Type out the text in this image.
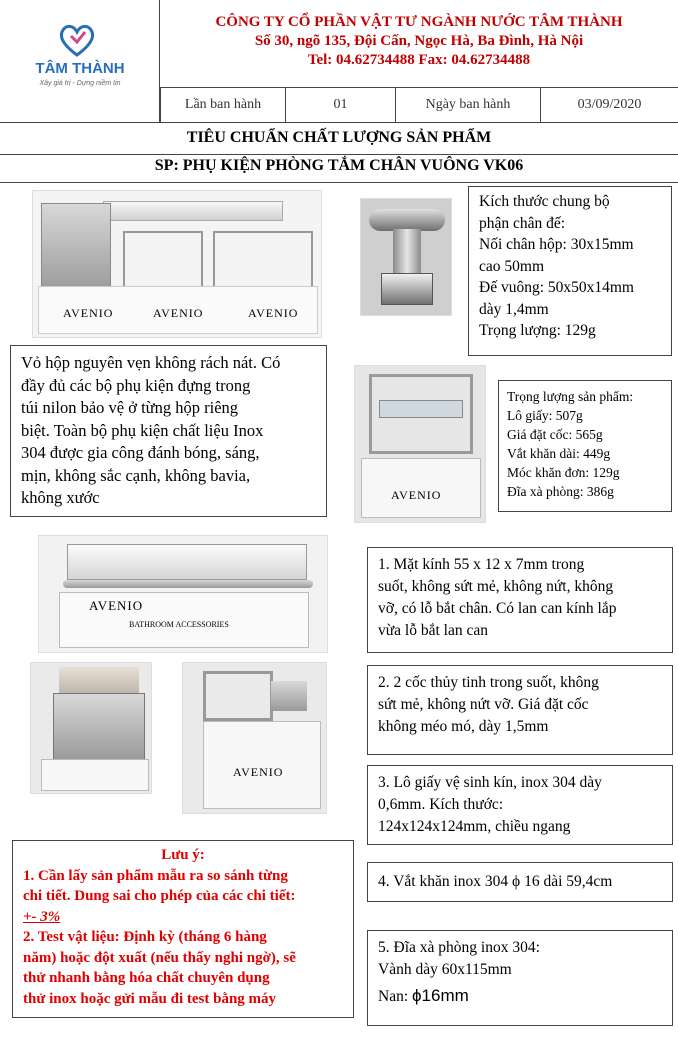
TÂM THÀNH
Xây giá trị - Dựng niềm tin
CÔNG TY CỔ PHẦN VẬT TƯ NGÀNH NƯỚC TÂM THÀNH
Số 30, ngõ 135, Đội Cấn, Ngọc Hà, Ba Đình, Hà Nội
Tel: 04.62734488 Fax: 04.62734488
Lần ban hành	01	Ngày ban hành	03/09/2020
TIÊU CHUẨN CHẤT LƯỢNG SẢN PHẨM
SP: PHỤ KIỆN PHÒNG TẮM CHÂN VUÔNG VK06
AVENIO	AVENIO	AVENIO
Kích thước chung bộ
phận chân đế:
Nối chân hộp: 30x15mm
cao 50mm
Đế vuông: 50x50x14mm
dày 1,4mm
Trọng lượng: 129g
Vỏ hộp nguyên vẹn không rách nát. Có
đầy đủ các bộ phụ kiện đựng trong
túi nilon bảo vệ ở từng hộp riêng
biệt. Toàn bộ phụ kiện chất liệu Inox
304 được gia công đánh bóng, sáng,
mịn, không sắc cạnh, không bavia,
không xước	AVENIO
Trọng lượng sản phẩm:
Lô giấy: 507g
Giá đặt cốc: 565g
Vắt khăn dài: 449g
Móc khăn đơn: 129g
Đĩa xà phòng: 386g
AVENIO
BATHROOM ACCESSORIES
1. Mặt kính 55 x 12 x 7mm trong
suốt, không sứt mẻ, không nứt, không
vỡ, có lỗ bắt chân. Có lan can kính lắp
vừa lỗ bắt lan can
AVENIO
2. 2 cốc thủy tinh trong suốt, không
sứt mẻ, không nứt vỡ. Giá đặt cốc
không méo mó, dày 1,5mm
3. Lô giấy vệ sinh kín, inox 304 dày
0,6mm. Kích thước:
124x124x124mm, chiều ngang
4. Vắt khăn inox 304 ϕ 16 dài 59,4cm
5. Đĩa xà phòng inox 304:
Vành dày 60x115mm
Nan: ϕ16mm
Lưu ý:
1. Cần lấy sản phẩm mẫu ra so sánh từng
chi tiết. Dung sai cho phép của các chi tiết:
+- 3%
2. Test vật liệu: Định kỳ (tháng 6 hàng
năm) hoặc đột xuất (nếu thấy nghi ngờ), sẽ
thử nhanh bằng hóa chất chuyên dụng
thử inox hoặc gửi mẫu đi test bằng máy
